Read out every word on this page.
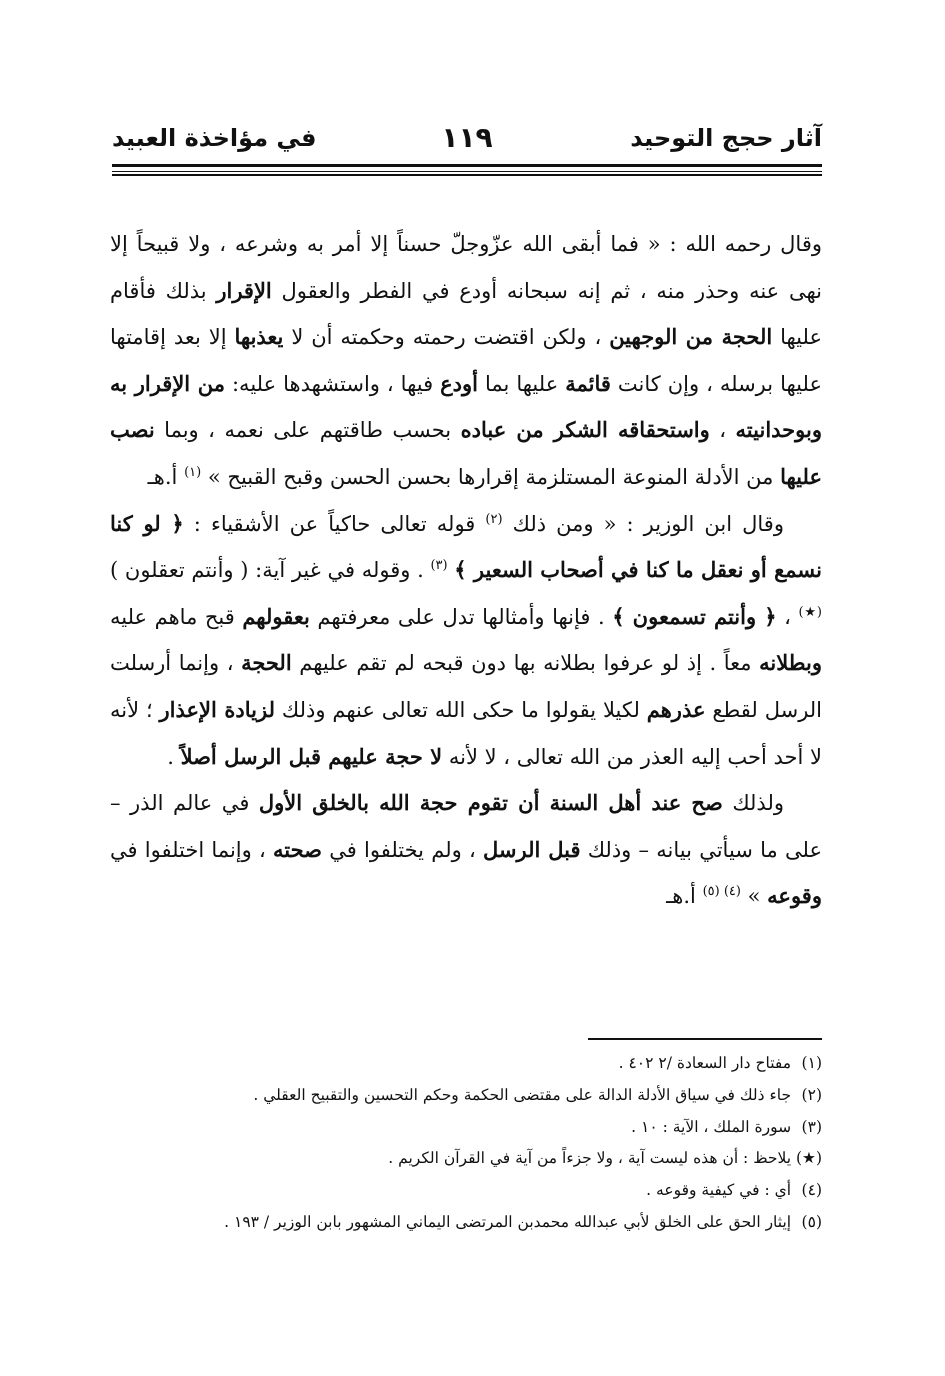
آثار حجج التوحيد
١١٩
في مؤاخذة العبيد

وقال رحمه الله : « فما أبقى الله عزّوجلّ حسناً إلا أمر به وشرعه ، ولا قبيحاً إلا نهى عنه وحذر منه ، ثم إنه سبحانه أودع في الفطر والعقول الإقرار بذلك فأقام عليها الحجة من الوجهين ، ولكن اقتضت رحمته وحكمته أن لا يعذبها إلا بعد إقامتها عليها برسله ، وإن كانت قائمة عليها بما أودع فيها ، واستشهدها عليه: من الإقرار به وبوحدانيته ، واستحقاقه الشكر من عباده بحسب طاقتهم على نعمه ، وبما نصب عليها من الأدلة المنوعة المستلزمة إقرارها بحسن الحسن وقبح القبيح » $^{(١)}$ أ.هـ

وقال ابن الوزير : « ومن ذلك $^{(٢)}$ قوله تعالى حاكياً عن الأشقياء : ﴿ لو كنا نسمع أو نعقل ما كنا في أصحاب السعير ﴾ $^{(٣)}$ . وقوله في غير آية: ( وأنتم تعقلون ) (★) ، ﴿ وأنتم تسمعون ﴾ . فإنها وأمثالها تدل على معرفتهم بعقولهم قبح ماهم عليه وبطلانه معاً . إذ لو عرفوا بطلانه بها دون قبحه لم تقم عليهم الحجة ، وإنما أرسلت الرسل لقطع عذرهم لكيلا يقولوا ما حكى الله تعالى عنهم وذلك لزيادة الإعذار ؛ لأنه لا أحد أحب إليه العذر من الله تعالى ، لا لأنه لا حجة عليهم قبل الرسل أصلاً .

ولذلك صح عند أهل السنة أن تقوم حجة الله بالخلق الأول في عالم الذر – على ما سيأتي بيانه – وذلك قبل الرسل ، ولم يختلفوا في صحته ، وإنما اختلفوا في وقوعه » $^{(٤) (٥)}$ أ.هـ

(١) مفتاح دار السعادة /٢ ٤٠٢ .
(٢) جاء ذلك في سياق الأدلة الدالة على مقتضى الحكمة وحكم التحسين والتقبيح العقلي .
(٣) سورة الملك ، الآية : ١٠ .
(★) يلاحظ : أن هذه ليست آية ، ولا جزءاً من آية في القرآن الكريم .
(٤) أي : في كيفية وقوعه .
(٥) إيثار الحق على الخلق لأبي عبدالله محمدبن المرتضى اليماني المشهور بابن الوزير / ١٩٣ .
